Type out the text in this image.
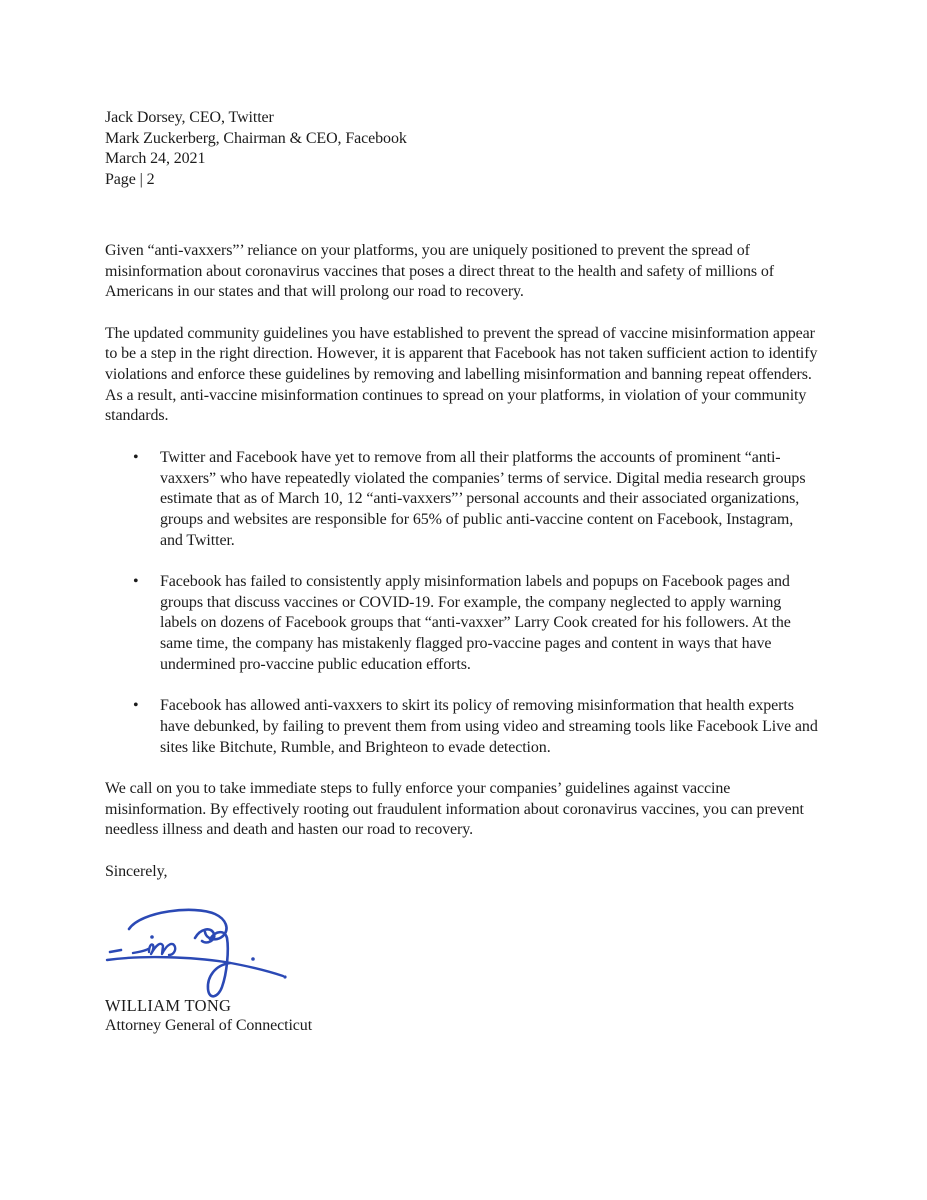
Jack Dorsey, CEO, Twitter

Mark Zuckerberg, Chairman & CEO, Facebook

March 24, 2021

Page | 2

Given “anti-vaxxers”’ reliance on your platforms, you are uniquely positioned to prevent the spread of misinformation about coronavirus vaccines that poses a direct threat to the health and safety of millions of Americans in our states and that will prolong our road to recovery.

The updated community guidelines you have established to prevent the spread of vaccine misinformation appear to be a step in the right direction. However, it is apparent that Facebook has not taken sufficient action to identify violations and enforce these guidelines by removing and labelling misinformation and banning repeat offenders. As a result, anti-vaccine misinformation continues to spread on your platforms, in violation of your community standards.

• Twitter and Facebook have yet to remove from all their platforms the accounts of prominent “anti-vaxxers” who have repeatedly violated the companies’ terms of service. Digital media research groups estimate that as of March 10, 12 “anti-vaxxers”’ personal accounts and their associated organizations, groups and websites are responsible for 65% of public anti-vaccine content on Facebook, Instagram, and Twitter.
• Facebook has failed to consistently apply misinformation labels and popups on Facebook pages and groups that discuss vaccines or COVID-19. For example, the company neglected to apply warning labels on dozens of Facebook groups that “anti-vaxxer” Larry Cook created for his followers. At the same time, the company has mistakenly flagged pro-vaccine pages and content in ways that have undermined pro-vaccine public education efforts.
• Facebook has allowed anti-vaxxers to skirt its policy of removing misinformation that health experts have debunked, by failing to prevent them from using video and streaming tools like Facebook Live and sites like Bitchute, Rumble, and Brighteon to evade detection.

We call on you to take immediate steps to fully enforce your companies’ guidelines against vaccine misinformation. By effectively rooting out fraudulent information about coronavirus vaccines, you can prevent needless illness and death and hasten our road to recovery.

Sincerely,

WILLIAM TONG

Attorney General of Connecticut
